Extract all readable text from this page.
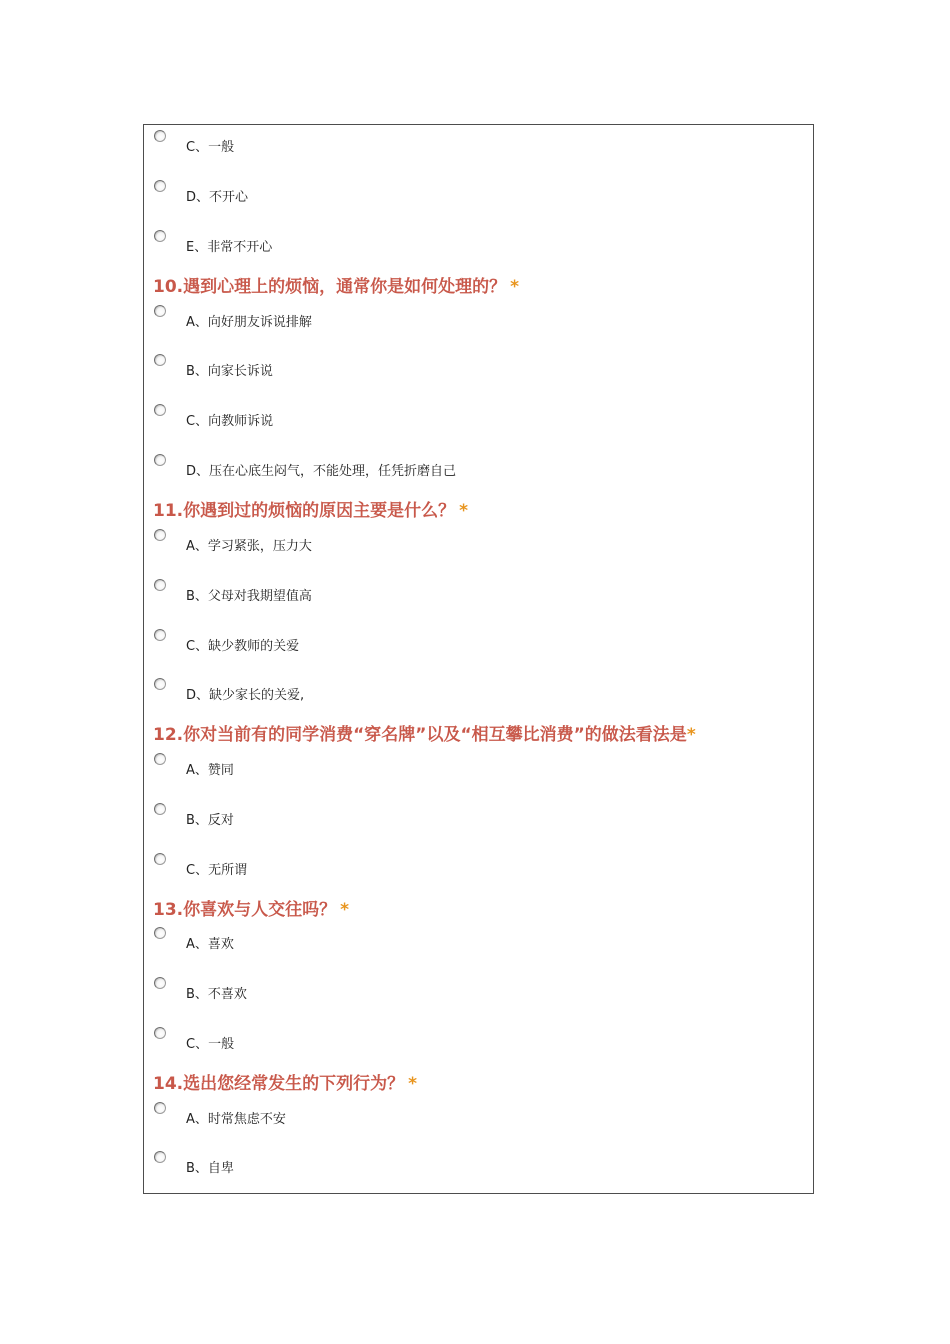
C、一般
D、不开心
E、非常不开心
10.遇到心理上的烦恼，通常你是如何处理的？ *
A、向好朋友诉说排解
B、向家长诉说
C、向教师诉说
D、压在心底生闷气，不能处理，任凭折磨自己
11.你遇到过的烦恼的原因主要是什么？ *
A、学习紧张，压力大
B、父母对我期望值高
C、缺少教师的关爱
D、缺少家长的关爱,
12.你对当前有的同学消费“穿名牌”以及“相互攀比消费”的做法看法是*
A、赞同
B、反对
C、无所谓
13.你喜欢与人交往吗？ *
A、喜欢
B、不喜欢
C、一般
14.选出您经常发生的下列行为？ *
A、时常焦虑不安
B、自卑
